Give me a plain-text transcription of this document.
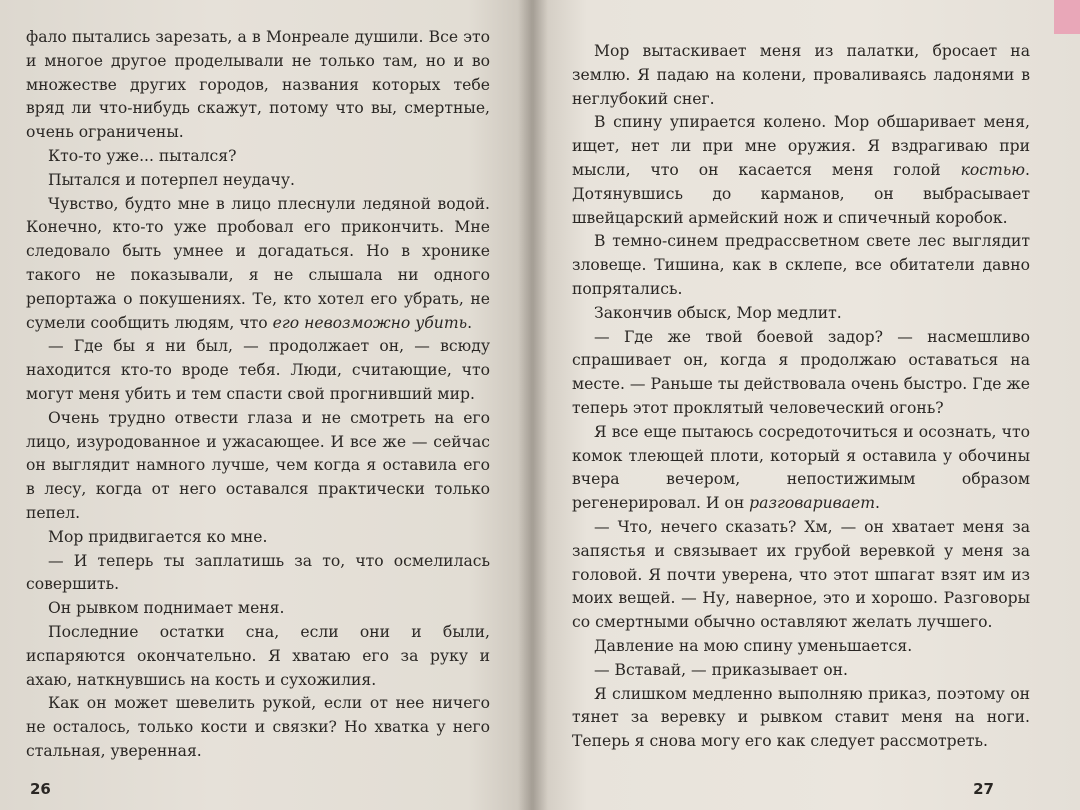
фало пытались зарезать, а в Монреале душили. Все это и многое другое проделывали не только там, но и во множестве других городов, названия которых тебе вряд ли что-нибудь скажут, потому что вы, смертные, очень ограничены.

Кто-то уже... пытался?

Пытался и потерпел неудачу.

Чувство, будто мне в лицо плеснули ледяной водой. Конечно, кто-то уже пробовал его прикончить. Мне следовало быть умнее и догадаться. Но в хронике такого не показывали, я не слышала ни одного репортажа о покушениях. Те, кто хотел его убрать, не сумели сообщить людям, что его невозможно убить.

— Где бы я ни был, — продолжает он, — всюду находится кто-то вроде тебя. Люди, считающие, что могут меня убить и тем спасти свой прогнивший мир.

Очень трудно отвести глаза и не смотреть на его лицо, изуродованное и ужасающее. И все же — сейчас он выглядит намного лучше, чем когда я оставила его в лесу, когда от него оставался практически только пепел.

Мор придвигается ко мне.

— И теперь ты заплатишь за то, что осмелилась совершить.

Он рывком поднимает меня.

Последние остатки сна, если они и были, испаряются окончательно. Я хватаю его за руку и ахаю, наткнувшись на кость и сухожилия.

Как он может шевелить рукой, если от нее ничего не осталось, только кости и связки? Но хватка у него стальная, уверенная.

26

Мор вытаскивает меня из палатки, бросает на землю. Я падаю на колени, проваливаясь ладонями в неглубокий снег.

В спину упирается колено. Мор обшаривает меня, ищет, нет ли при мне оружия. Я вздрагиваю при мысли, что он касается меня голой костью. Дотянувшись до карманов, он выбрасывает швейцарский армейский нож и спичечный коробок.

В темно-синем предрассветном свете лес выглядит зловеще. Тишина, как в склепе, все обитатели давно попрятались.

Закончив обыск, Мор медлит.

— Где же твой боевой задор? — насмешливо спрашивает он, когда я продолжаю оставаться на месте. — Раньше ты действовала очень быстро. Где же теперь этот проклятый человеческий огонь?

Я все еще пытаюсь сосредоточиться и осознать, что комок тлеющей плоти, который я оставила у обочины вчера вечером, непостижимым образом регенерировал. И он разговаривает.

— Что, нечего сказать? Хм, — он хватает меня за запястья и связывает их грубой веревкой у меня за головой. Я почти уверена, что этот шпагат взят им из моих вещей. — Ну, наверное, это и хорошо. Разговоры со смертными обычно оставляют желать лучшего.

Давление на мою спину уменьшается.

— Вставай, — приказывает он.

Я слишком медленно выполняю приказ, поэтому он тянет за веревку и рывком ставит меня на ноги. Теперь я снова могу его как следует рассмотреть.

27
